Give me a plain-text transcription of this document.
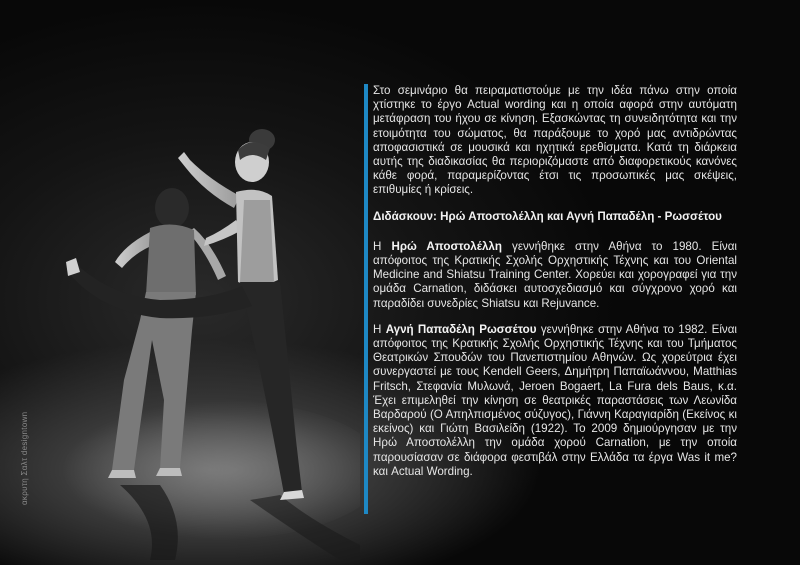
ακρυτη Σαλτ designtown

Στο σεμινάριο θα πειραματιστούμε με την ιδέα πάνω στην οποία χτίστηκε το έργο Actual wording και η οποία αφορά στην αυτόματη μετάφραση του ήχου σε κίνηση. Εξασκώντας τη συνειδητότητα και την ετοιμότητα του σώματος, θα παράξουμε το χορό μας αντιδρώντας αποφασιστικά σε μουσικά και ηχητικά ερεθίσματα. Κατά τη διάρκεια αυτής της διαδικασίας θα περιοριζόμαστε από διαφορετικούς κανόνες κάθε φορά, παραμερίζοντας έτσι τις προσωπικές μας σκέψεις, επιθυμίες ή κρίσεις.

Διδάσκουν: Ηρώ Αποστολέλλη και Αγνή Παπαδέλη - Ρωσσέτου

Η Ηρώ Αποστολέλλη γεννήθηκε στην Αθήνα το 1980. Είναι απόφοιτος της Κρατικής Σχολής Ορχηστικής Τέχνης και του Oriental Medicine and Shiatsu Training Center. Χορεύει και χορογραφεί για την ομάδα Carnation, διδάσκει αυτοσχεδιασμό και σύγχρονο χορό και παραδίδει συνεδρίες Shiatsu και Rejuvance.

Η Αγνή Παπαδέλη Ρωσσέτου γεννήθηκε στην Αθήνα το 1982. Είναι απόφοιτος της Κρατικής Σχολής Ορχηστικής Τέχνης και του Τμήματος Θεατρικών Σπουδών του Πανεπιστημίου Αθηνών. Ως χορεύτρια έχει συνεργαστεί με τους Kendell Geers, Δημήτρη Παπαϊωάννου, Matthias Fritsch, Στεφανία Μυλωνά, Jeroen Bogaert, La Fura dels Baus, κ.α. Έχει επιμεληθεί την κίνηση σε θεατρικές παραστάσεις των Λεωνίδα Βαρδαρού (Ο Απηλπισμένος σύζυγος), Γιάννη Καραγιαρίδη (Εκείνος κι εκείνος) και Γιώτη Βασιλείδη (1922). Το 2009 δημιούργησαν με την Ηρώ Αποστολέλλη την ομάδα χορού Carnation, με την οποία παρουσίασαν σε διάφορα φεστιβάλ στην Ελλάδα τα έργα Was it me? και Actual Wording.
